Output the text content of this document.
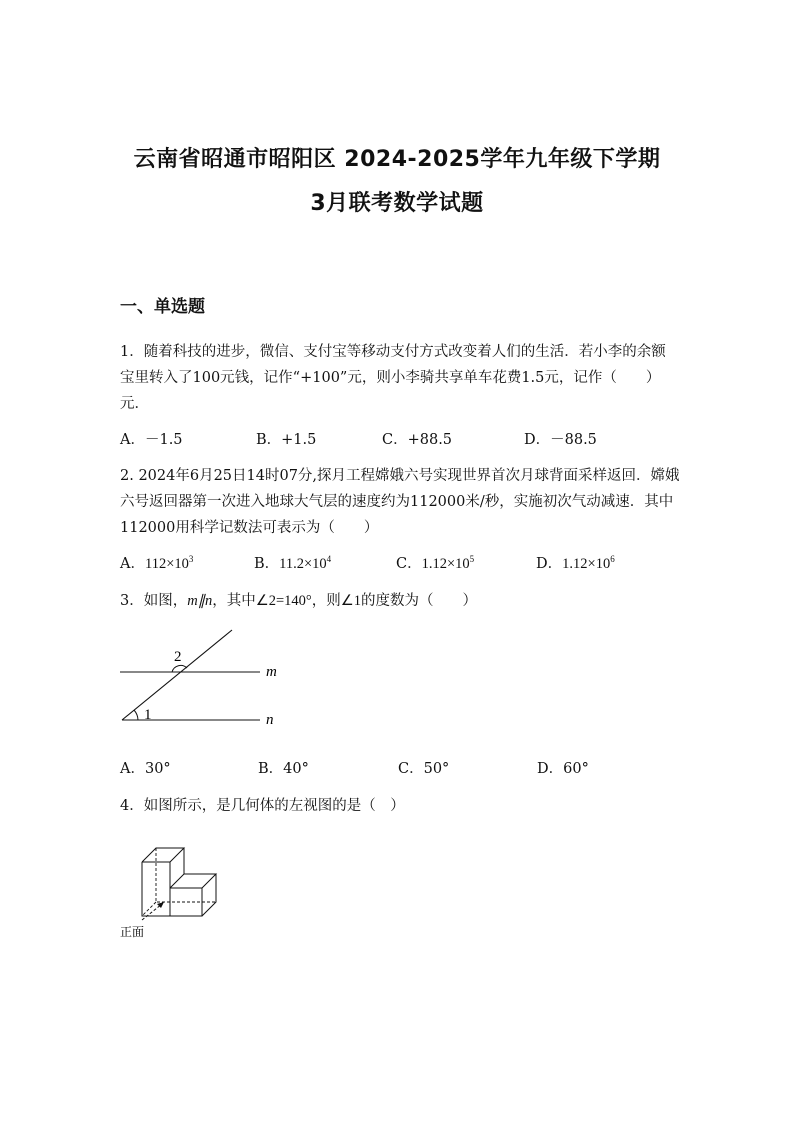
云南省昭通市昭阳区 2024-2025学年九年级下学期
3月联考数学试题
一、单选题
1．随着科技的进步，微信、支付宝等移动支付方式改变着人们的生活．若小李的余额宝里转入了100元钱，记作“+100”元，则小李骑共享单车花费1.5元，记作（　　）元．
A．－1.5	B．+1.5	C．+88.5	D．－88.5
2. 2024年6月25日14时07分,探月工程嫦娥六号实现世界首次月球背面采样返回．嫦娥六号返回器第一次进入地球大气层的速度约为112000米/秒，实施初次气动减速．其中112000用科学记数法可表示为（　　）
A．$112\times 10^3$	B．$11.2\times 10^4$	C．$1.12\times 10^5$	D．$1.12\times 10^6$
3．如图，m∥n，其中∠2=140°，则∠1的度数为（　　）
2
1
m
n
A．30°	B．40°	C．50°	D．60°
4．如图所示，是几何体的左视图的是（　）
正面
